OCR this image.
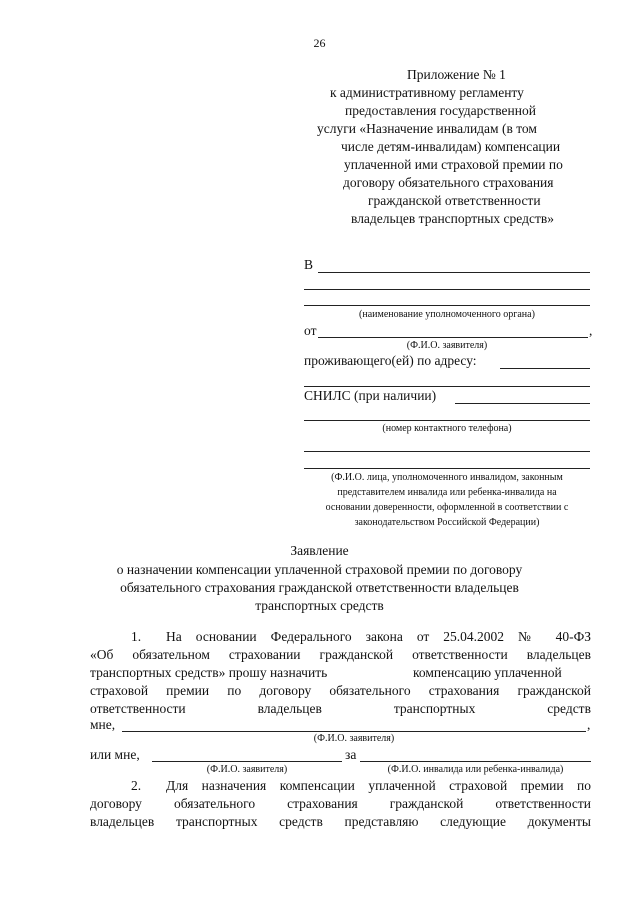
26
Приложение № 1
к административному регламенту
предоставления государственной
услуги «Назначение инвалидам (в том
числе детям-инвалидам) компенсации
уплаченной ими страховой премии по
договору обязательного страхования
гражданской ответственности
владельцев транспортных средств»
В
(наименование уполномоченного органа)
от	,
(Ф.И.О. заявителя)
проживающего(ей) по адресу:
СНИЛС (при наличии)
(номер контактного телефона)
(Ф.И.О. лица, уполномоченного инвалидом, законным
представителем инвалида или ребенка-инвалида на
основании доверенности, оформленной в соответствии с
законодательством Российской Федерации)
Заявление
о назначении компенсации уплаченной страховой премии по договору
обязательного страхования гражданской ответственности владельцев
транспортных средств
1. На основании Федерального закона от 25.04.2002 № 40-ФЗ
«Об обязательном страховании гражданской ответственности владельцев
транспортных средств» прошу назначить	компенсацию уплаченной
страховой премии по договору обязательного страхования гражданской
ответственности	владельцев	транспортных	средств
мне,	,
(Ф.И.О. заявителя)
или мне,	за
(Ф.И.О. заявителя)	(Ф.И.О. инвалида или ребенка-инвалида)
2. Для назначения компенсации уплаченной страховой премии по
договору обязательного страхования гражданской ответственности
владельцев транспортных средств представляю следующие документы
